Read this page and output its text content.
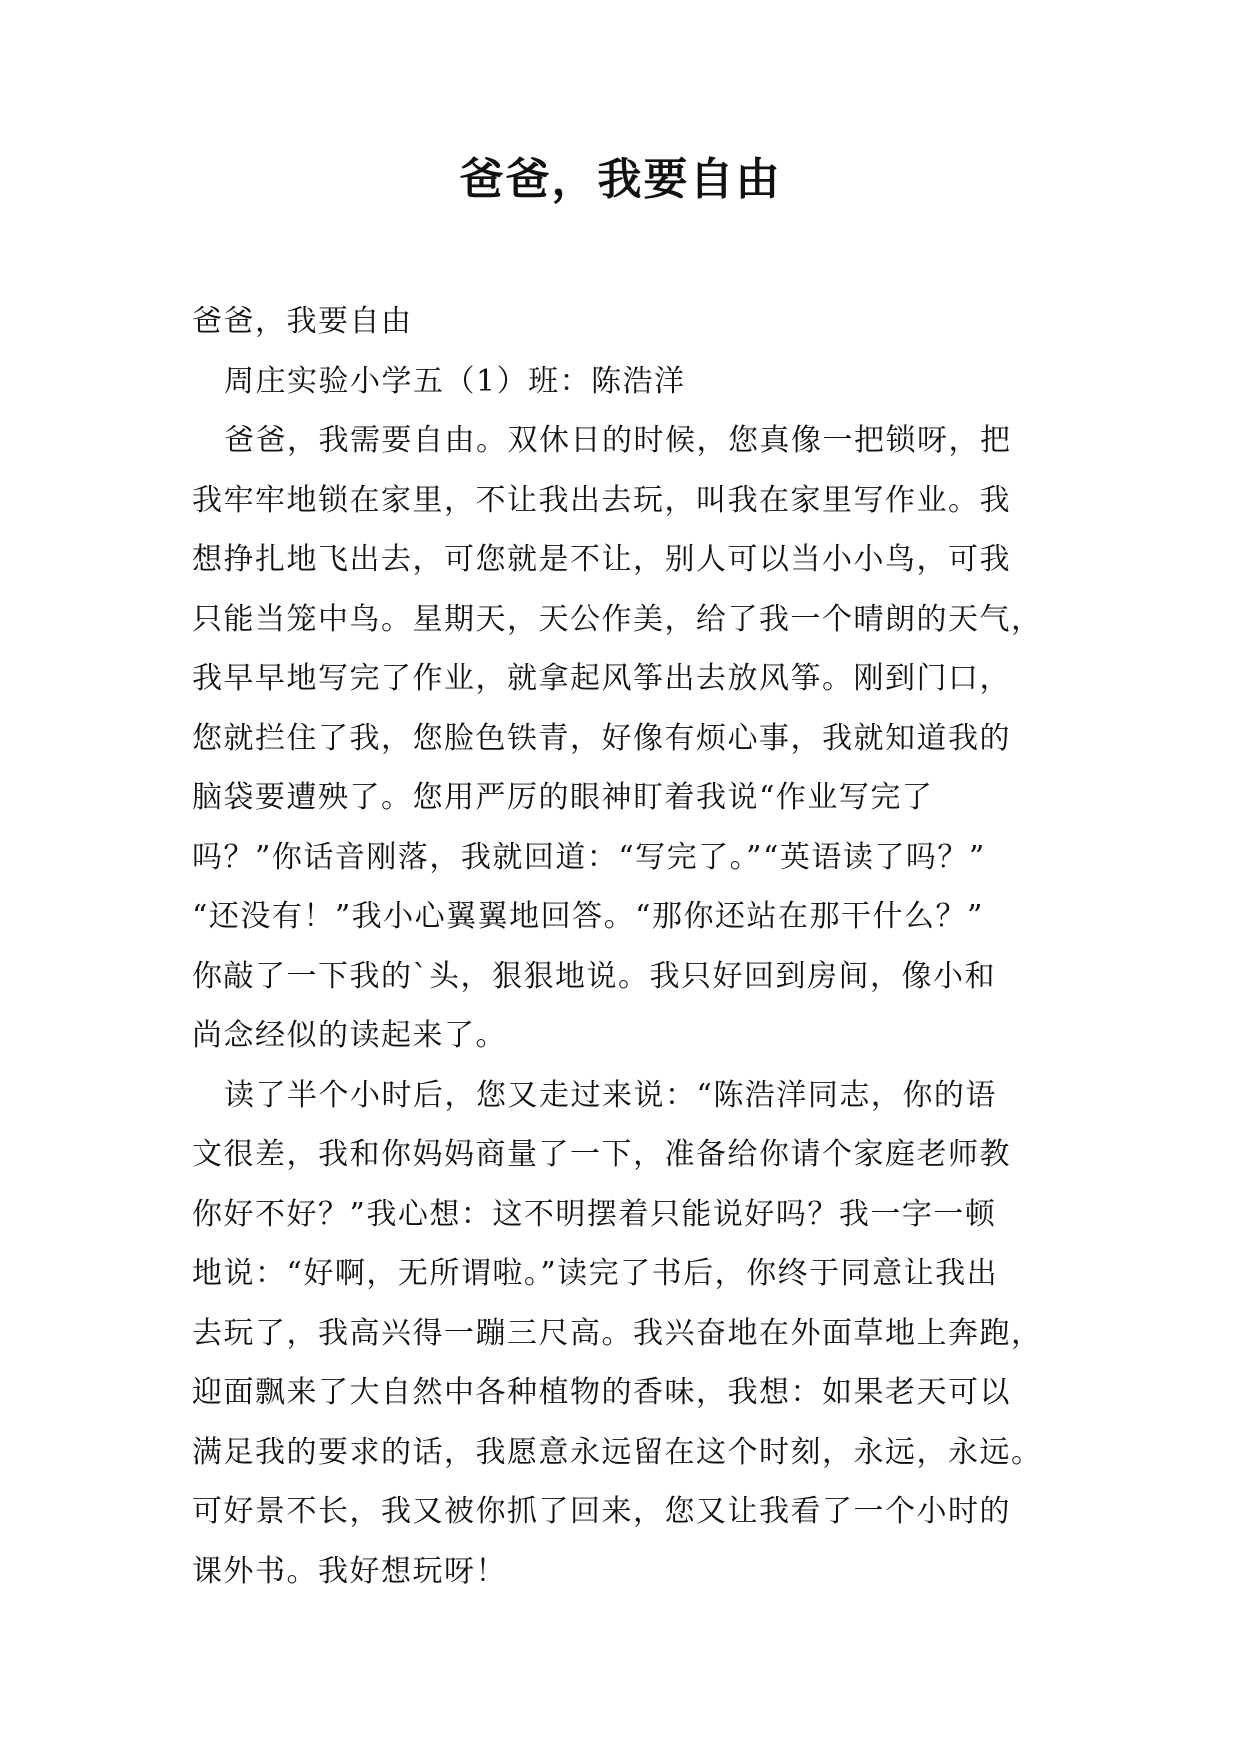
爸爸，我要自由

爸爸，我要自由

周庄实验小学五（1）班：陈浩洋

爸爸，我需要自由。双休日的时候，您真像一把锁呀，把
我牢牢地锁在家里，不让我出去玩，叫我在家里写作业。我
想挣扎地飞出去，可您就是不让，别人可以当小小鸟，可我
只能当笼中鸟。星期天，天公作美，给了我一个晴朗的天气，
我早早地写完了作业，就拿起风筝出去放风筝。刚到门口，
您就拦住了我，您脸色铁青，好像有烦心事，我就知道我的
脑袋要遭殃了。您用严厉的眼神盯着我说“作业写完了
吗？”你话音刚落，我就回道：“写完了。”“英语读了吗？”
“还没有！”我小心翼翼地回答。“那你还站在那干什么？”
你敲了一下我的`头，狠狠地说。我只好回到房间，像小和
尚念经似的读起来了。

读了半个小时后，您又走过来说：“陈浩洋同志，你的语
文很差，我和你妈妈商量了一下，准备给你请个家庭老师教
你好不好？”我心想：这不明摆着只能说好吗？我一字一顿
地说：“好啊，无所谓啦。”读完了书后，你终于同意让我出
去玩了，我高兴得一蹦三尺高。我兴奋地在外面草地上奔跑，
迎面飘来了大自然中各种植物的香味，我想：如果老天可以
满足我的要求的话，我愿意永远留在这个时刻，永远，永远。
可好景不长，我又被你抓了回来，您又让我看了一个小时的
课外书。我好想玩呀！
